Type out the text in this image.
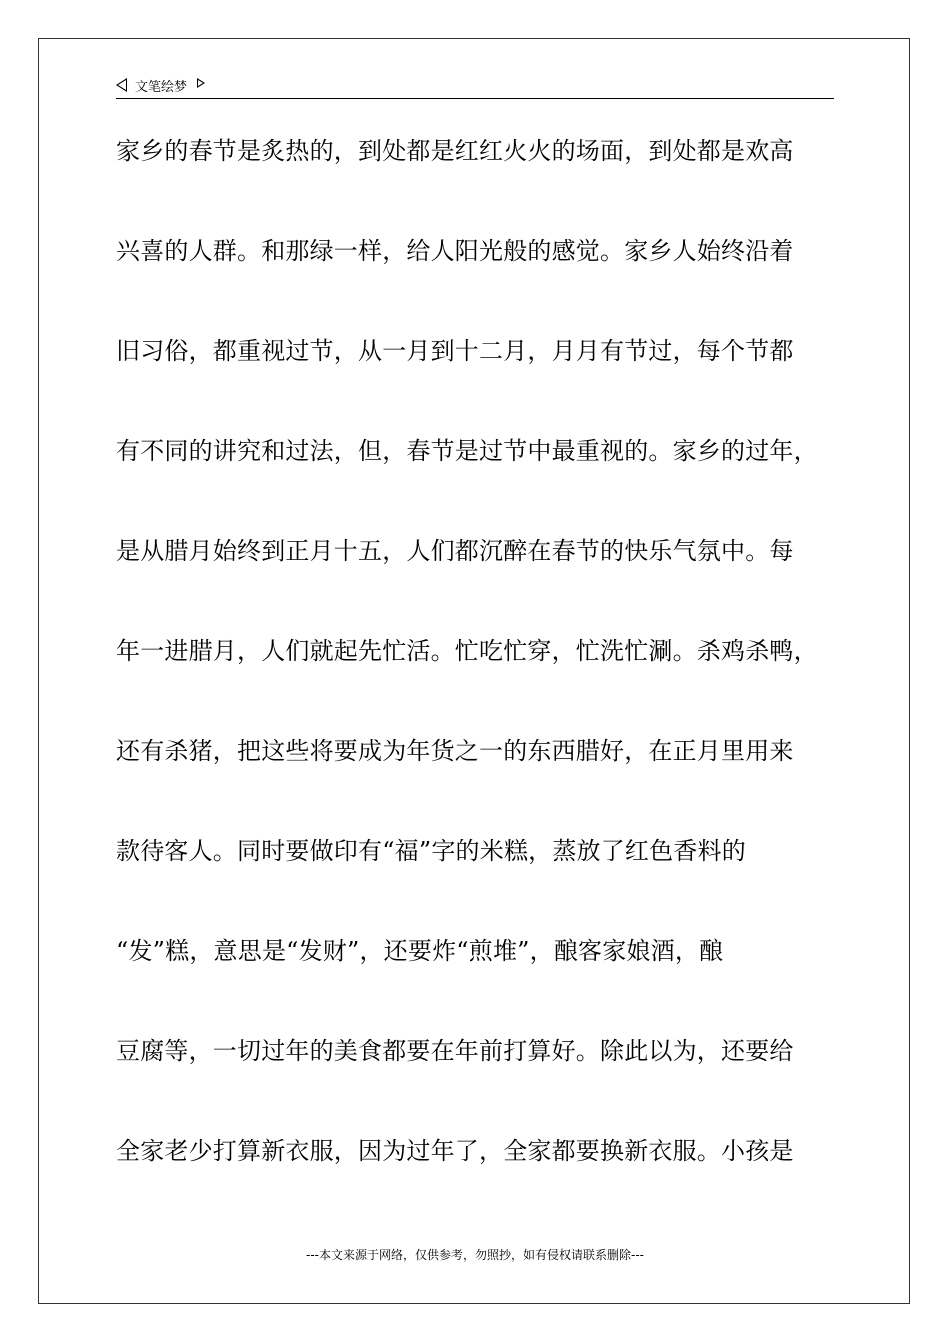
文笔绘梦
家乡的春节是炙热的，到处都是红红火火的场面，到处都是欢高
兴喜的人群。和那绿一样，给人阳光般的感觉。家乡人始终沿着
旧习俗，都重视过节，从一月到十二月，月月有节过，每个节都
有不同的讲究和过法，但，春节是过节中最重视的。家乡的过年，
是从腊月始终到正月十五，人们都沉醉在春节的快乐气氛中。每
年一进腊月，人们就起先忙活。忙吃忙穿，忙洗忙涮。杀鸡杀鸭，
还有杀猪，把这些将要成为年货之一的东西腊好，在正月里用来
款待客人。同时要做印有“福”字的米糕，蒸放了红色香料的
“发”糕，意思是“发财”，还要炸“煎堆”，酿客家娘酒，酿
豆腐等，一切过年的美食都要在年前打算好。除此以为，还要给
全家老少打算新衣服，因为过年了，全家都要换新衣服。小孩是
---本文来源于网络，仅供参考，勿照抄，如有侵权请联系删除---
